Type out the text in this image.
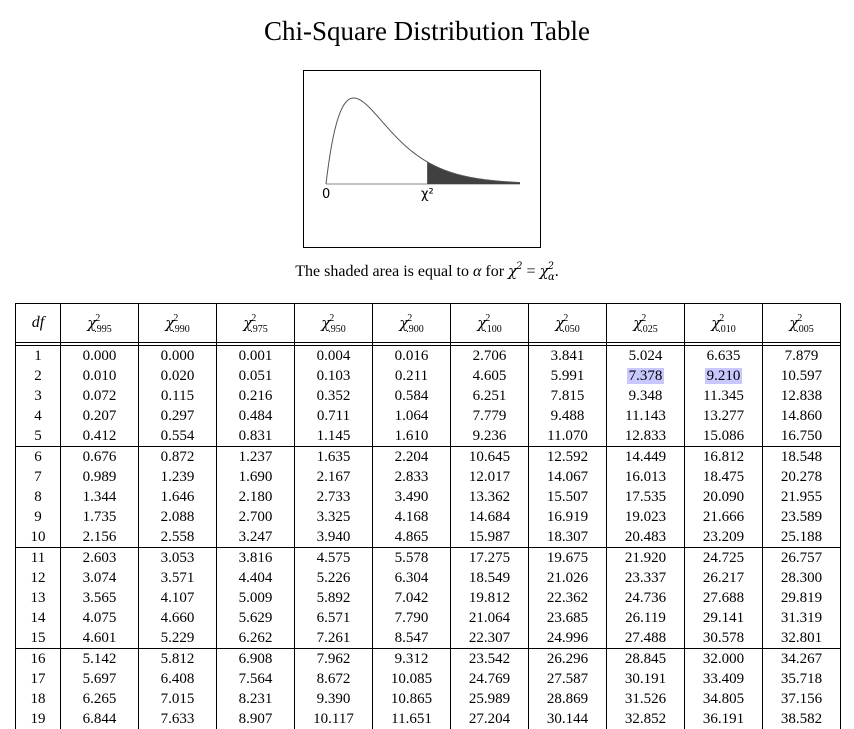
Chi-Square Distribution Table
0	χ²
The shaded area is equal to α for $\chi^2 = \chi^2_\alpha$.
df	$\chi^2_{.995}$	$\chi^2_{.990}$	$\chi^2_{.975}$	$\chi^2_{.950}$	$\chi^2_{.900}$	$\chi^2_{.100}$	$\chi^2_{.050}$	$\chi^2_{.025}$	$\chi^2_{.010}$	$\chi^2_{.005}$

1	0.000	0.000	0.001	0.004	0.016	2.706	3.841	5.024	6.635	7.879
2	0.010	0.020	0.051	0.103	0.211	4.605	5.991	7.378	9.210	10.597
3	0.072	0.115	0.216	0.352	0.584	6.251	7.815	9.348	11.345	12.838
4	0.207	0.297	0.484	0.711	1.064	7.779	9.488	11.143	13.277	14.860
5	0.412	0.554	0.831	1.145	1.610	9.236	11.070	12.833	15.086	16.750
6	0.676	0.872	1.237	1.635	2.204	10.645	12.592	14.449	16.812	18.548
7	0.989	1.239	1.690	2.167	2.833	12.017	14.067	16.013	18.475	20.278
8	1.344	1.646	2.180	2.733	3.490	13.362	15.507	17.535	20.090	21.955
9	1.735	2.088	2.700	3.325	4.168	14.684	16.919	19.023	21.666	23.589
10	2.156	2.558	3.247	3.940	4.865	15.987	18.307	20.483	23.209	25.188
11	2.603	3.053	3.816	4.575	5.578	17.275	19.675	21.920	24.725	26.757
12	3.074	3.571	4.404	5.226	6.304	18.549	21.026	23.337	26.217	28.300
13	3.565	4.107	5.009	5.892	7.042	19.812	22.362	24.736	27.688	29.819
14	4.075	4.660	5.629	6.571	7.790	21.064	23.685	26.119	29.141	31.319
15	4.601	5.229	6.262	7.261	8.547	22.307	24.996	27.488	30.578	32.801
16	5.142	5.812	6.908	7.962	9.312	23.542	26.296	28.845	32.000	34.267
17	5.697	6.408	7.564	8.672	10.085	24.769	27.587	30.191	33.409	35.718
18	6.265	7.015	8.231	9.390	10.865	25.989	28.869	31.526	34.805	37.156
19	6.844	7.633	8.907	10.117	11.651	27.204	30.144	32.852	36.191	38.582
